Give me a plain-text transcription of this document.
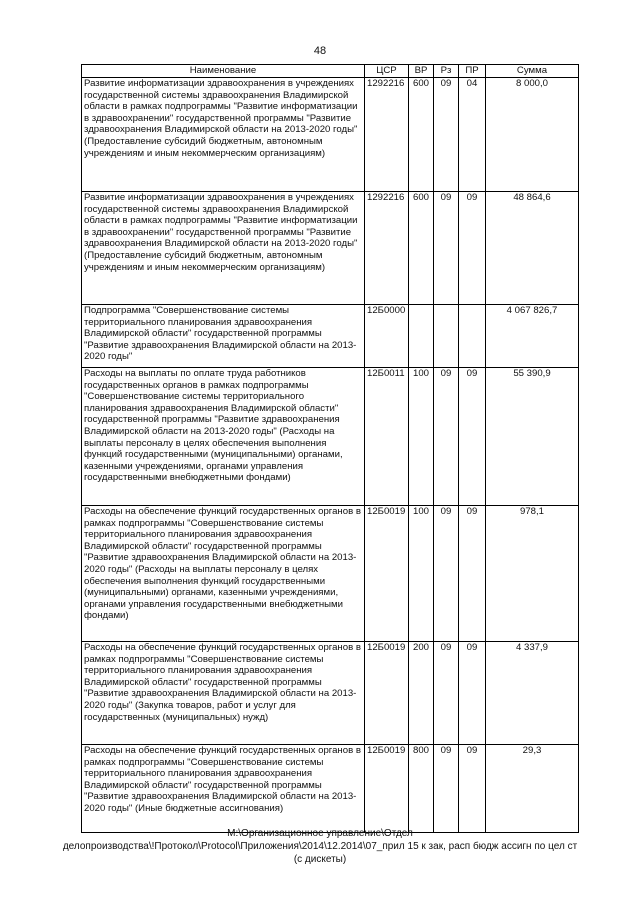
48
Наименование	ЦСР	ВР	Рз	ПР	Сумма
Развитие информатизации здравоохранения в учреждениях государственной системы здравоохранения Владимирской области в рамках подпрограммы "Развитие информатизации в здравоохранении" государственной программы "Развитие здравоохранения Владимирской области на 2013-2020 годы" (Предоставление субсидий бюджетным, автономным учреждениям и иным некоммерческим организациям)	1292216	600	09	04	8 000,0
Развитие информатизации здравоохранения в учреждениях государственной системы здравоохранения Владимирской области в рамках подпрограммы "Развитие информатизации в здравоохранении" государственной программы "Развитие здравоохранения Владимирской области на 2013-2020 годы" (Предоставление субсидий бюджетным, автономным учреждениям и иным некоммерческим организациям)	1292216	600	09	09	48 864,6
Подпрограмма "Совершенствование системы территориального планирования здравоохранения Владимирской области" государственной программы "Развитие здравоохранения Владимирской области на 2013-2020 годы"	12Б0000				4 067 826,7
Расходы на выплаты по оплате труда работников государственных органов в рамках подпрограммы "Совершенствование системы территориального планирования здравоохранения Владимирской области" государственной программы "Развитие здравоохранения Владимирской области на 2013-2020 годы" (Расходы на выплаты персоналу в целях обеспечения выполнения функций государственными (муниципальными) органами, казенными учреждениями, органами управления государственными внебюджетными фондами)	12Б0011	100	09	09	55 390,9
Расходы на обеспечение функций государственных органов в рамках подпрограммы "Совершенствование системы территориального планирования здравоохранения Владимирской области" государственной программы "Развитие здравоохранения Владимирской области на 2013-2020 годы" (Расходы на выплаты персоналу в целях обеспечения выполнения функций государственными (муниципальными) органами, казенными учреждениями, органами управления государственными внебюджетными фондами)	12Б0019	100	09	09	978,1
Расходы на обеспечение функций государственных органов в рамках подпрограммы "Совершенствование системы территориального планирования здравоохранения Владимирской области" государственной программы "Развитие здравоохранения Владимирской области на 2013-2020 годы" (Закупка товаров, работ и услуг для государственных (муниципальных) нужд)	12Б0019	200	09	09	4 337,9
Расходы на обеспечение функций государственных органов в рамках подпрограммы "Совершенствование системы территориального планирования здравоохранения Владимирской области" государственной программы "Развитие здравоохранения Владимирской области на 2013-2020 годы" (Иные бюджетные ассигнования)	12Б0019	800	09	09	29,3
M:\Организационное управление\Отдел
делопроизводства\!Протокол\Protocol\Приложения\2014\12.2014\07_прил 15 к зак, расп бюдж ассигн по цел ст
(с дискеты)
